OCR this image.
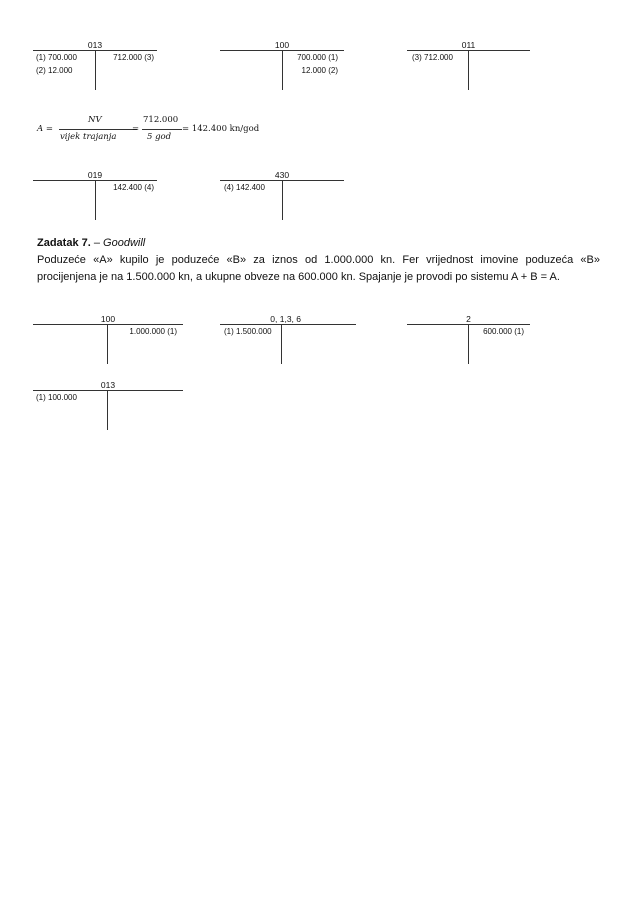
013
(1) 700.000
(2) 12.000
712.000 (3)
100
700.000 (1)
12.000 (2)
011
(3) 712.000
A =
NV
vijek trajanja
=
712.000
5 god
= 142.400 kn/god
019
142.400 (4)
430
(4) 142.400
Zadatak 7. – Goodwill
Poduzeće «A» kupilo je poduzeće «B» za iznos od 1.000.000 kn. Fer vrijednost imovine poduzeća «B» procijenjena je na 1.500.000 kn, a ukupne obveze na 600.000 kn. Spajanje je provodi po sistemu A + B = A.
100
1.000.000 (1)
0, 1,3, 6
(1) 1.500.000
2
600.000 (1)
013
(1) 100.000
